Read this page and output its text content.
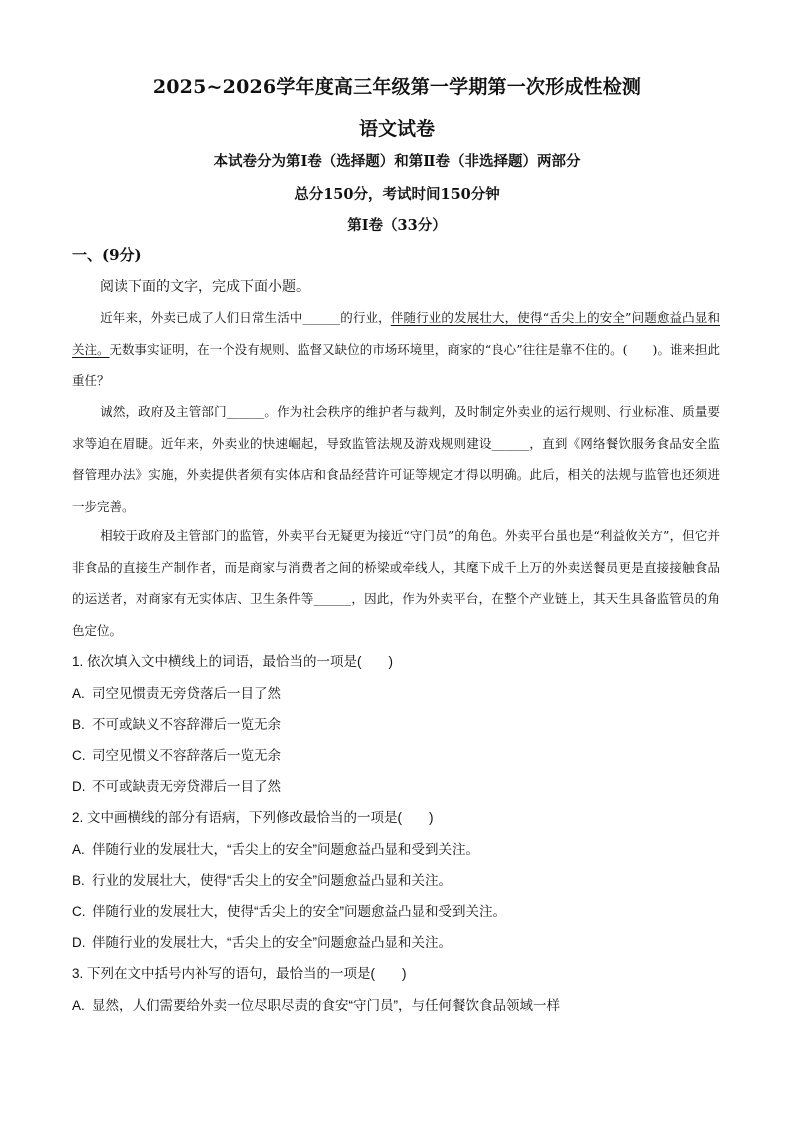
2025~2026学年度高三年级第一学期第一次形成性检测
语文试卷
本试卷分为第Ⅰ卷（选择题）和第Ⅱ卷（非选择题）两部分
总分150分，考试时间150分钟
第Ⅰ卷（33分）
一、(9分)
阅读下面的文字，完成下面小题。
近年来，外卖已成了人们日常生活中______的行业，伴随行业的发展壮大，使得“舌尖上的安全”问题愈益凸显和关注。无数事实证明，在一个没有规则、监督又缺位的市场环境里，商家的“良心”往往是靠不住的。(　　)。谁来担此重任？
诚然，政府及主管部门______。作为社会秩序的维护者与裁判，及时制定外卖业的运行规则、行业标准、质量要求等迫在眉睫。近年来，外卖业的快速崛起，导致监管法规及游戏规则建设______，直到《网络餐饮服务食品安全监督管理办法》实施，外卖提供者须有实体店和食品经营许可证等规定才得以明确。此后，相关的法规与监管也还须进一步完善。
相较于政府及主管部门的监管，外卖平台无疑更为接近“守门员”的角色。外卖平台虽也是“利益攸关方”，但它并非食品的直接生产制作者，而是商家与消费者之间的桥梁或牵线人，其麾下成千上万的外卖送餐员更是直接接触食品的运送者，对商家有无实体店、卫生条件等______，因此，作为外卖平台，在整个产业链上，其天生具备监管员的角色定位。
1. 依次填入文中横线上的词语，最恰当的一项是(　　)
A. 司空见惯责无旁贷落后一目了然
B. 不可或缺义不容辞滞后一览无余
C. 司空见惯义不容辞落后一览无余
D. 不可或缺责无旁贷滞后一目了然
2. 文中画横线的部分有语病，下列修改最恰当的一项是(　　)
A. 伴随行业的发展壮大，“舌尖上的安全”问题愈益凸显和受到关注。
B. 行业的发展壮大，使得“舌尖上的安全”问题愈益凸显和关注。
C. 伴随行业的发展壮大，使得“舌尖上的安全”问题愈益凸显和受到关注。
D. 伴随行业的发展壮大，“舌尖上的安全”问题愈益凸显和关注。
3. 下列在文中括号内补写的语句，最恰当的一项是(　　)
A. 显然，人们需要给外卖一位尽职尽责的食安“守门员”，与任何餐饮食品领域一样
